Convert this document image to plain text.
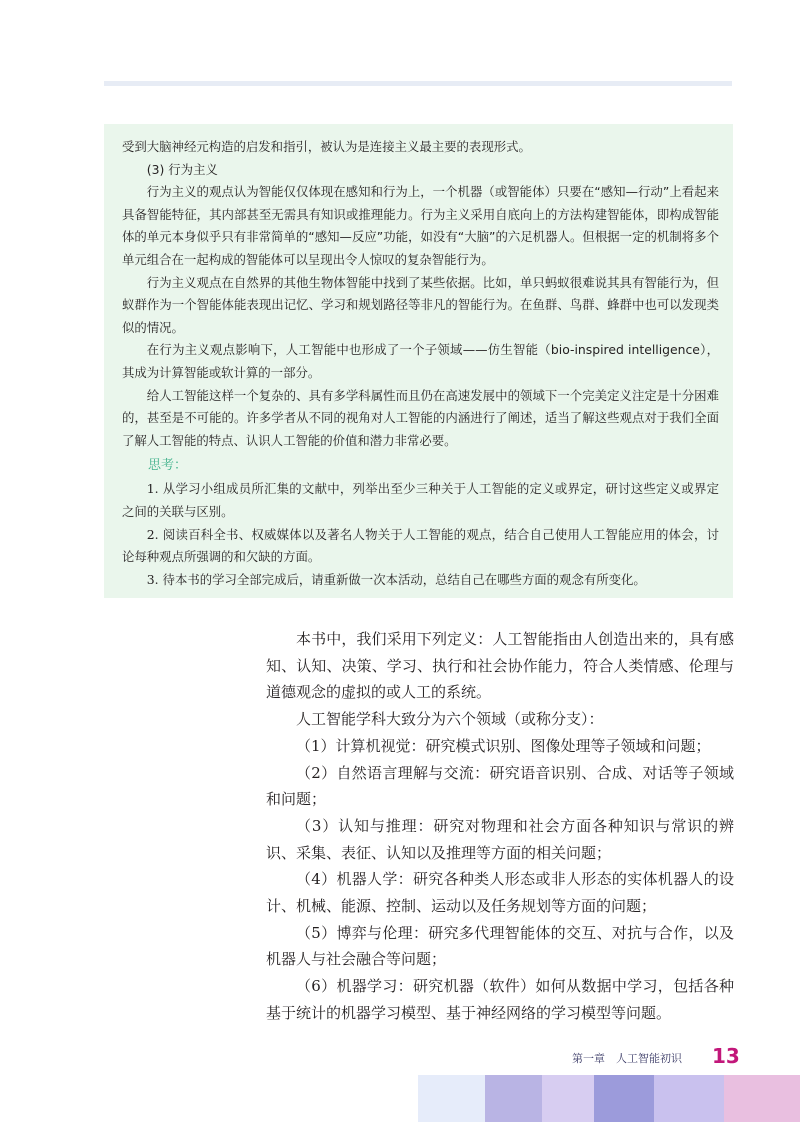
受到大脑神经元构造的启发和指引，被认为是连接主义最主要的表现形式。

(3) 行为主义

行为主义的观点认为智能仅仅体现在感知和行为上，一个机器（或智能体）只要在“感知—行动”上看起来具备智能特征，其内部甚至无需具有知识或推理能力。行为主义采用自底向上的方法构建智能体，即构成智能体的单元本身似乎只有非常简单的“感知—反应”功能，如没有“大脑”的六足机器人。但根据一定的机制将多个单元组合在一起构成的智能体可以呈现出令人惊叹的复杂智能行为。

行为主义观点在自然界的其他生物体智能中找到了某些依据。比如，单只蚂蚁很难说其具有智能行为，但蚁群作为一个智能体能表现出记忆、学习和规划路径等非凡的智能行为。在鱼群、鸟群、蜂群中也可以发现类似的情况。

在行为主义观点影响下，人工智能中也形成了一个子领域——仿生智能（bio-inspired intelligence），其成为计算智能或软计算的一部分。

给人工智能这样一个复杂的、具有多学科属性而且仍在高速发展中的领域下一个完美定义注定是十分困难的，甚至是不可能的。许多学者从不同的视角对人工智能的内涵进行了阐述，适当了解这些观点对于我们全面了解人工智能的特点、认识人工智能的价值和潜力非常必要。

思考：

1. 从学习小组成员所汇集的文献中，列举出至少三种关于人工智能的定义或界定，研讨这些定义或界定之间的关联与区别。

2. 阅读百科全书、权威媒体以及著名人物关于人工智能的观点，结合自己使用人工智能应用的体会，讨论每种观点所强调的和欠缺的方面。

3. 待本书的学习全部完成后，请重新做一次本活动，总结自己在哪些方面的观念有所变化。

本书中，我们采用下列定义：人工智能指由人创造出来的，具有感知、认知、决策、学习、执行和社会协作能力，符合人类情感、伦理与道德观念的虚拟的或人工的系统。

人工智能学科大致分为六个领域（或称分支）：

（1）计算机视觉：研究模式识别、图像处理等子领域和问题；

（2）自然语言理解与交流：研究语音识别、合成、对话等子领域和问题；

（3）认知与推理：研究对物理和社会方面各种知识与常识的辨识、采集、表征、认知以及推理等方面的相关问题；

（4）机器人学：研究各种类人形态或非人形态的实体机器人的设计、机械、能源、控制、运动以及任务规划等方面的问题；

（5）博弈与伦理：研究多代理智能体的交互、对抗与合作，以及机器人与社会融合等问题；

（6）机器学习：研究机器（软件）如何从数据中学习，包括各种基于统计的机器学习模型、基于神经网络的学习模型等问题。

第一章　人工智能初识 13
